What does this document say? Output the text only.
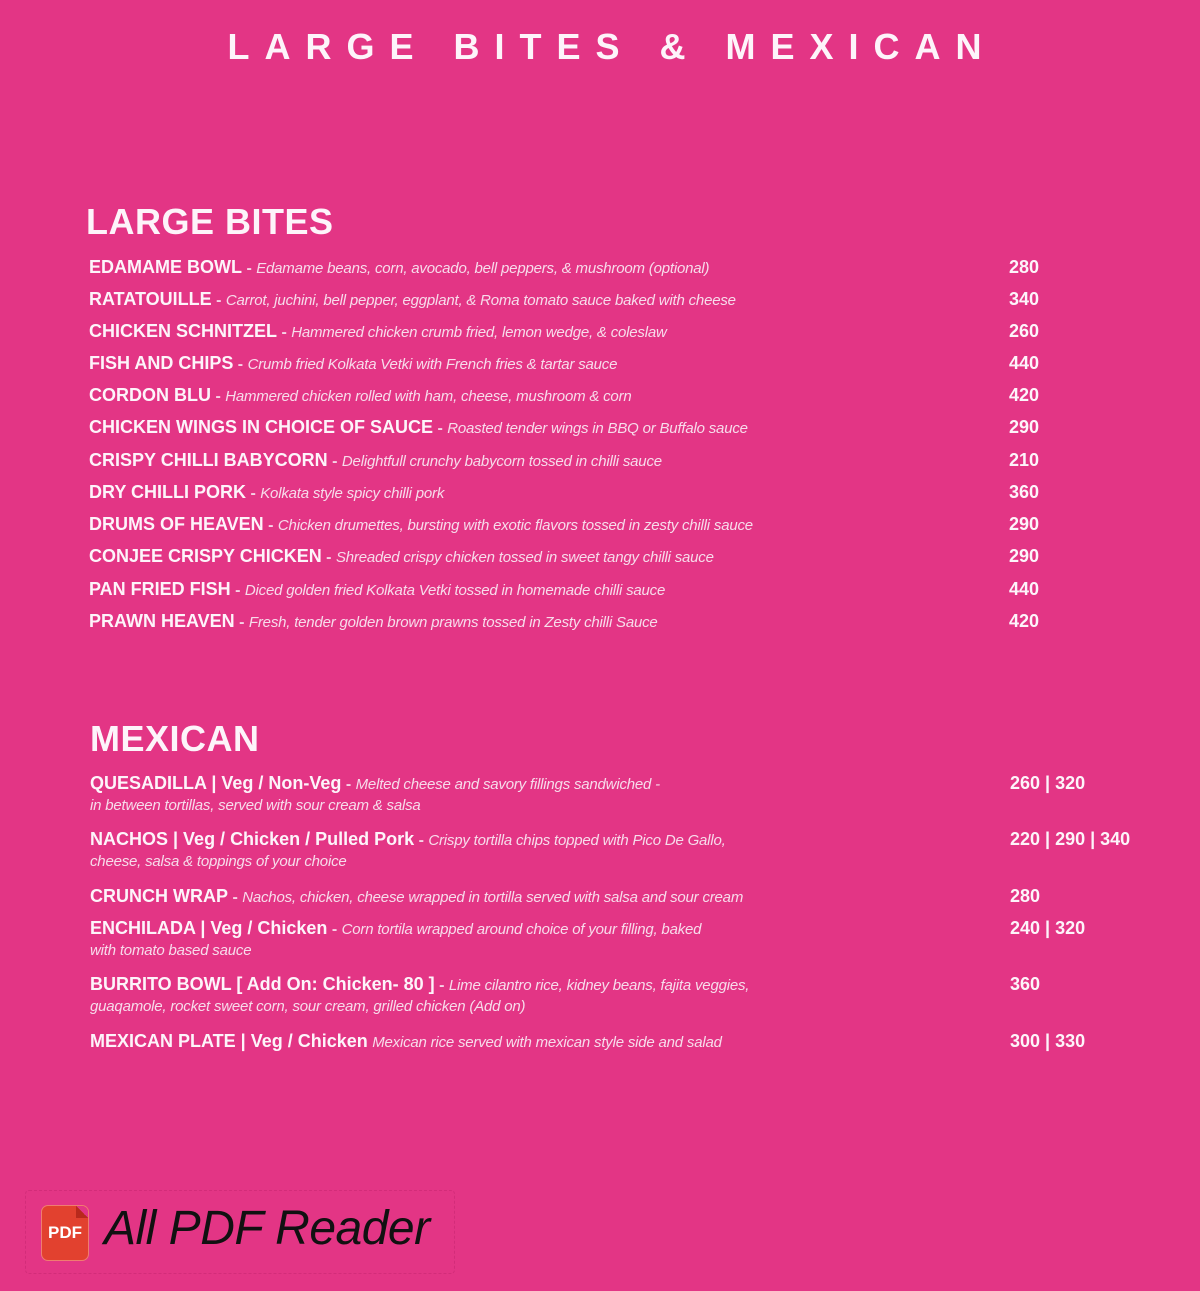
LARGE BITES & MEXICAN
LARGE BITES
EDAMAME BOWL - Edamame beans, corn, avocado, bell peppers, & mushroom (optional)	280
RATATOUILLE - Carrot, juchini, bell pepper, eggplant, & Roma tomato sauce baked with cheese	340
CHICKEN SCHNITZEL - Hammered chicken crumb fried, lemon wedge, & coleslaw	260
FISH AND CHIPS - Crumb fried Kolkata Vetki with French fries & tartar sauce	440
CORDON BLU - Hammered chicken rolled with ham, cheese, mushroom & corn	420
CHICKEN WINGS IN CHOICE OF SAUCE - Roasted tender wings in BBQ or Buffalo sauce	290
CRISPY CHILLI BABYCORN - Delightfull crunchy babycorn tossed in chilli sauce	210
DRY CHILLI PORK - Kolkata style spicy chilli pork	360
DRUMS OF HEAVEN - Chicken drumettes, bursting with exotic flavors tossed in zesty chilli sauce	290
CONJEE CRISPY CHICKEN - Shreaded crispy chicken tossed in sweet tangy chilli sauce	290
PAN FRIED FISH - Diced golden fried Kolkata Vetki tossed in homemade chilli sauce	440
PRAWN HEAVEN - Fresh, tender golden brown prawns tossed in Zesty chilli Sauce	420
MEXICAN
QUESADILLA | Veg / Non-Veg - Melted cheese and savory fillings sandwiched -
in between tortillas, served with sour cream & salsa
260 | 320
NACHOS | Veg / Chicken / Pulled Pork - Crispy tortilla chips topped with Pico De Gallo,
cheese, salsa & toppings of your choice
220 | 290 | 340
CRUNCH WRAP - Nachos, chicken, cheese wrapped in tortilla served with salsa and sour cream	280
ENCHILADA | Veg / Chicken - Corn tortila wrapped around choice of your filling, baked
with tomato based sauce
240 | 320
BURRITO BOWL [ Add On: Chicken- 80 ] - Lime cilantro rice, kidney beans, fajita veggies,
guaqamole, rocket sweet corn, sour cream, grilled chicken (Add on)
360
MEXICAN PLATE | Veg / Chicken Mexican rice served with mexican style side and salad	300 | 330
PDF All PDF Reader
